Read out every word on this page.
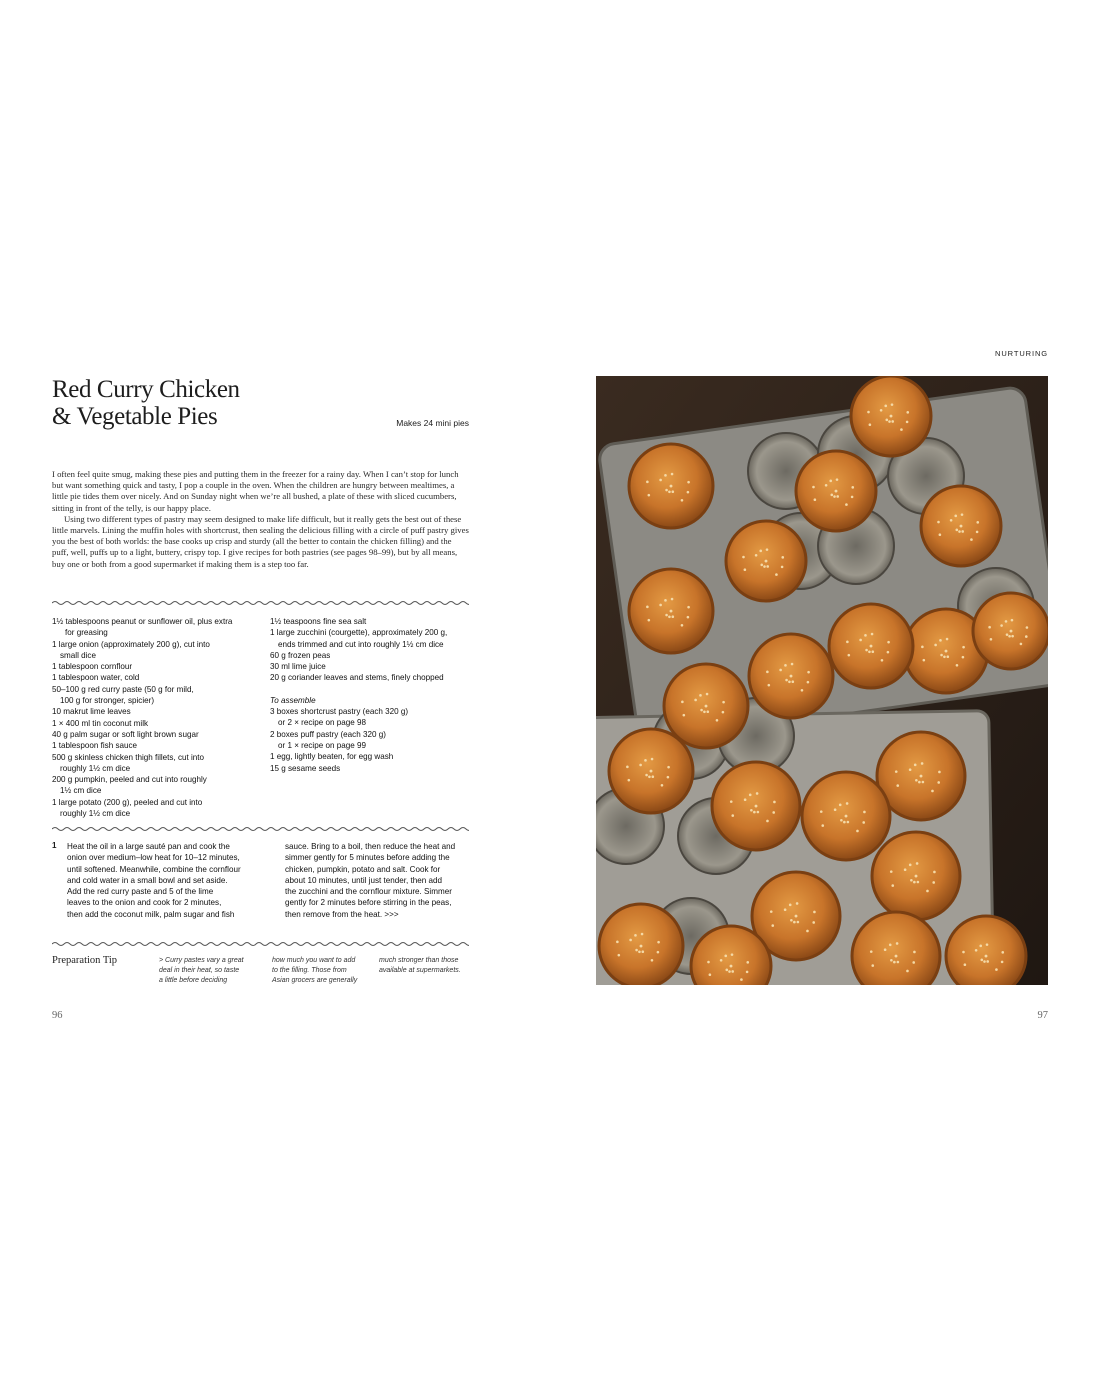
Red Curry Chicken
& Vegetable Pies	Makes 24 mini pies

I often feel quite smug, making these pies and putting them in the freezer for a rainy day. When I can’t stop for lunch but want something quick and tasty, I pop a couple in the oven. When the children are hungry between mealtimes, a little pie tides them over nicely. And on Sunday night when we’re all bushed, a plate of these with sliced cucumbers, sitting in front of the telly, is our happy place.

Using two different types of pastry may seem designed to make life difficult, but it really gets the best out of these little marvels. Lining the muffin holes with shortcrust, then sealing the delicious filling with a circle of puff pastry gives you the best of both worlds: the base cooks up crisp and sturdy (all the better to contain the chicken filling) and the puff, well, puffs up to a light, buttery, crispy top. I give recipes for both pastries (see pages 98–99), but by all means, buy one or both from a good supermarket if making them is a step too far.

1½ tablespoons peanut or sunflower oil, plus extra
for greasing
1 large onion (approximately 200 g), cut into
small dice
1 tablespoon cornflour
1 tablespoon water, cold
50–100 g red curry paste (50 g for mild,
100 g for stronger, spicier)
10 makrut lime leaves
1 × 400 ml tin coconut milk
40 g palm sugar or soft light brown sugar
1 tablespoon fish sauce
500 g skinless chicken thigh fillets, cut into
roughly 1½ cm dice
200 g pumpkin, peeled and cut into roughly
1½ cm dice
1 large potato (200 g), peeled and cut into
roughly 1½ cm dice
1½ teaspoons fine sea salt
1 large zucchini (courgette), approximately 200 g,
ends trimmed and cut into roughly 1½ cm dice
60 g frozen peas
30 ml lime juice
20 g coriander leaves and stems, finely chopped
To assemble
3 boxes shortcrust pastry (each 320 g)
or 2 × recipe on page 98
2 boxes puff pastry (each 320 g)
or 1 × recipe on page 99
1 egg, lightly beaten, for egg wash
15 g sesame seeds
1 Heat the oil in a large sauté pan and cook the
onion over medium–low heat for 10–12 minutes,
until softened. Meanwhile, combine the cornflour
and cold water in a small bowl and set aside.
Add the red curry paste and 5 of the lime
leaves to the onion and cook for 2 minutes,
then add the coconut milk, palm sugar and fish
sauce. Bring to a boil, then reduce the heat and
simmer gently for 5 minutes before adding the
chicken, pumpkin, potato and salt. Cook for
about 10 minutes, until just tender, then add
the zucchini and the cornflour mixture. Simmer
gently for 2 minutes before stirring in the peas,
then remove from the heat. >>>
Preparation Tip	> Curry pastes vary a great
deal in their heat, so taste
a little before deciding
how much you want to add
to the filling. Those from
Asian grocers are generally
much stronger than those
available at supermarkets.
96
NURTURING
97
